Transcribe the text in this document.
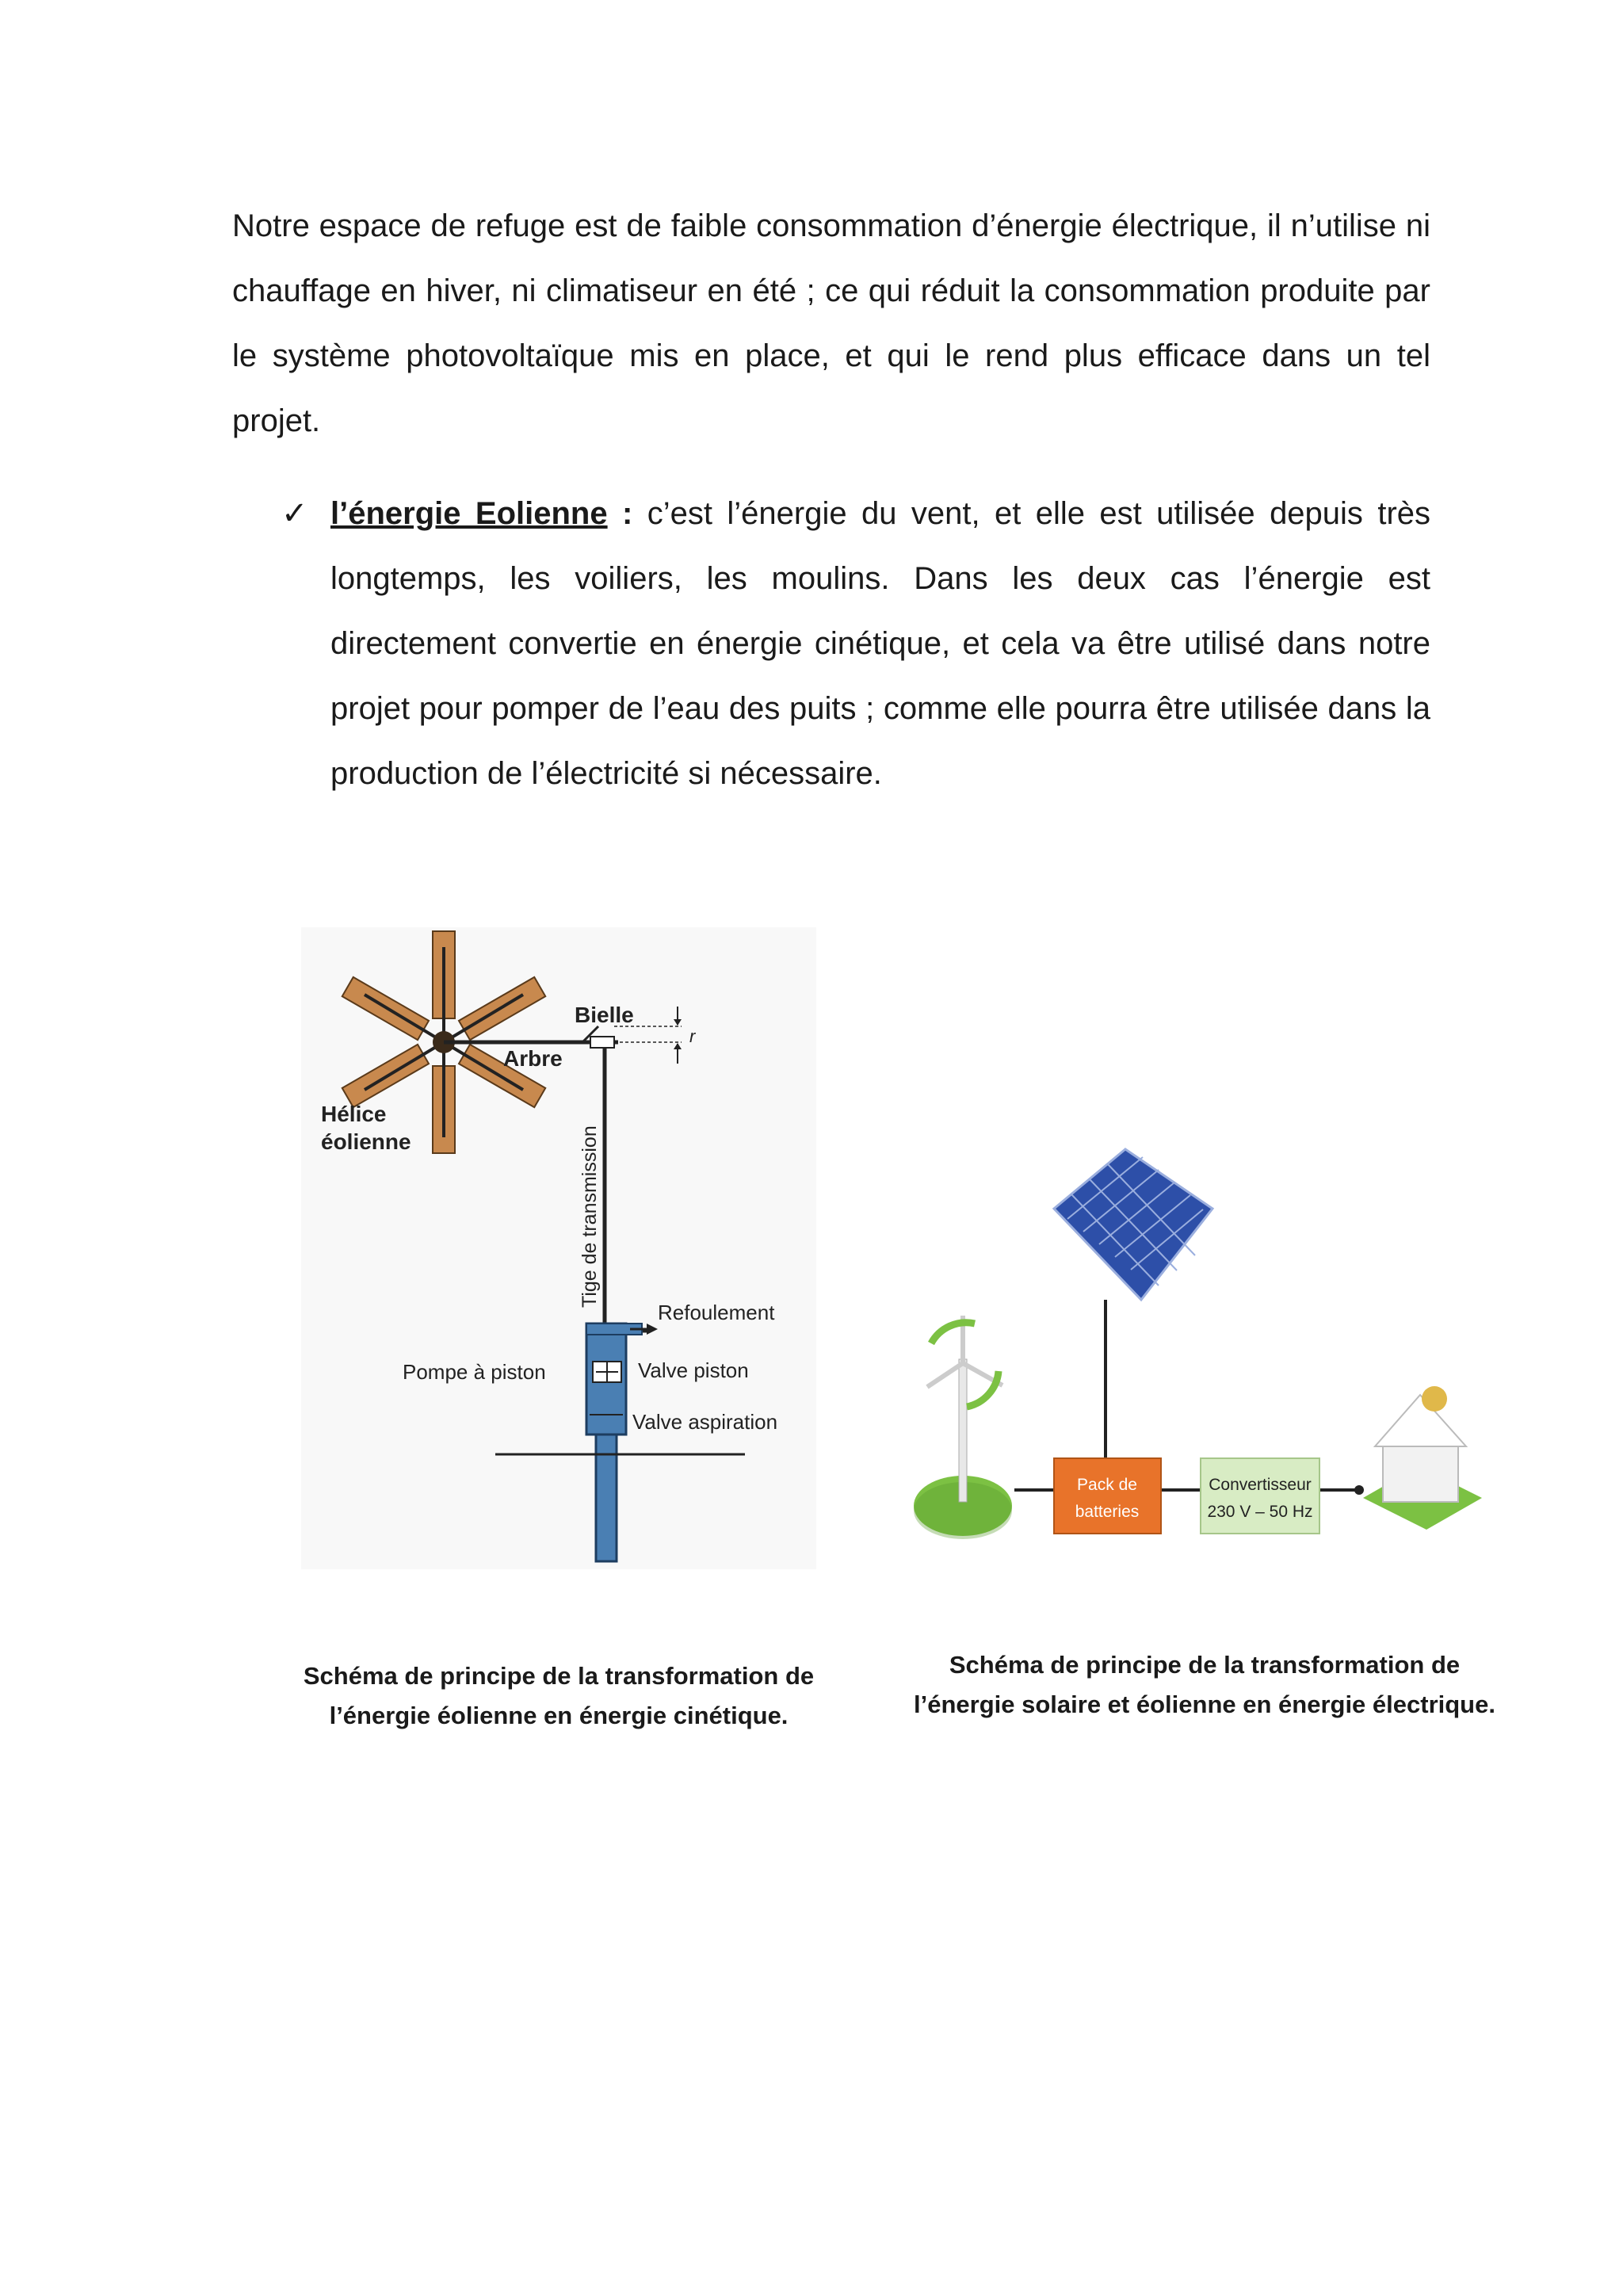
Notre espace de refuge est de faible consommation d’énergie électrique, il n’utilise ni chauffage en hiver, ni climatiseur en été ; ce qui réduit la consommation produite par le système photovoltaïque mis en place, et qui le rend plus efficace dans un tel projet.

✓ l’énergie Eolienne : c’est l’énergie du vent, et elle est utilisée depuis très longtemps, les voiliers, les moulins. Dans les deux cas l’énergie est directement convertie en énergie cinétique, et cela va être utilisé dans notre projet pour pomper de l’eau des puits ; comme elle pourra être utilisée dans la production de l’électricité si nécessaire.

r
Bielle
Arbre
Hélice
éolienne	Tige de transmission
Refoulement
Pompe à piston	Valve piston
Valve aspiration
Pack de
batteries
Convertisseur
230 V – 50 Hz

Schéma de principe de la transformation de l’énergie éolienne en énergie cinétique.

Schéma de principe de la transformation de l’énergie solaire et éolienne en énergie électrique.
